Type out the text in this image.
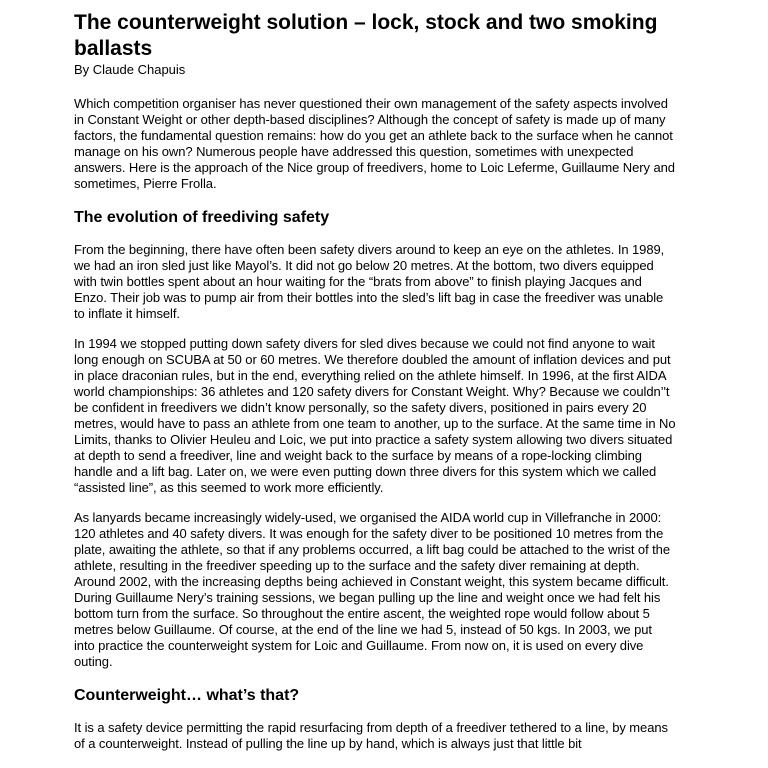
The counterweight solution – lock, stock and two smoking ballasts

By Claude Chapuis

Which competition organiser has never questioned their own management of the safety aspects involved in Constant Weight or other depth-based disciplines? Although the concept of safety is made up of many factors, the fundamental question remains: how do you get an athlete back to the surface when he cannot manage on his own? Numerous people have addressed this question, sometimes with unexpected answers. Here is the approach of the Nice group of freedivers, home to Loic Leferme, Guillaume Nery and sometimes, Pierre Frolla.

The evolution of freediving safety

From the beginning, there have often been safety divers around to keep an eye on the athletes. In 1989, we had an iron sled just like Mayol’s. It did not go below 20 metres. At the bottom, two divers equipped with twin bottles spent about an hour waiting for the “brats from above” to finish playing Jacques and Enzo. Their job was to pump air from their bottles into the sled’s lift bag in case the freediver was unable to inflate it himself.

In 1994 we stopped putting down safety divers for sled dives because we could not find anyone to wait long enough on SCUBA at 50 or 60 metres. We therefore doubled the amount of inflation devices and put in place draconian rules, but in the end, everything relied on the athlete himself. In 1996, at the first AIDA world championships: 36 athletes and 120 safety divers for Constant Weight. Why? Because we couldn’'t be confident in freedivers we didn’t know personally, so the safety divers, positioned in pairs every 20 metres, would have to pass an athlete from one team to another, up to the surface. At the same time in No Limits, thanks to Olivier Heuleu and Loic, we put into practice a safety system allowing two divers situated at depth to send a freediver, line and weight back to the surface by means of a rope-locking climbing handle and a lift bag. Later on, we were even putting down three divers for this system which we called “assisted line”, as this seemed to work more efficiently.

As lanyards became increasingly widely-used, we organised the AIDA world cup in Villefranche in 2000: 120 athletes and 40 safety divers. It was enough for the safety diver to be positioned 10 metres from the plate, awaiting the athlete, so that if any problems occurred, a lift bag could be attached to the wrist of the athlete, resulting in the freediver speeding up to the surface and the safety diver remaining at depth. Around 2002, with the increasing depths being achieved in Constant weight, this system became difficult. During Guillaume Nery’s training sessions, we began pulling up the line and weight once we had felt his bottom turn from the surface. So throughout the entire ascent, the weighted rope would follow about 5 metres below Guillaume. Of course, at the end of the line we had 5, instead of 50 kgs. In 2003, we put into practice the counterweight system for Loic and Guillaume. From now on, it is used on every dive outing.

Counterweight… what’s that?

It is a safety device permitting the rapid resurfacing from depth of a freediver tethered to a line, by means of a counterweight. Instead of pulling the line up by hand, which is always just that little bit
